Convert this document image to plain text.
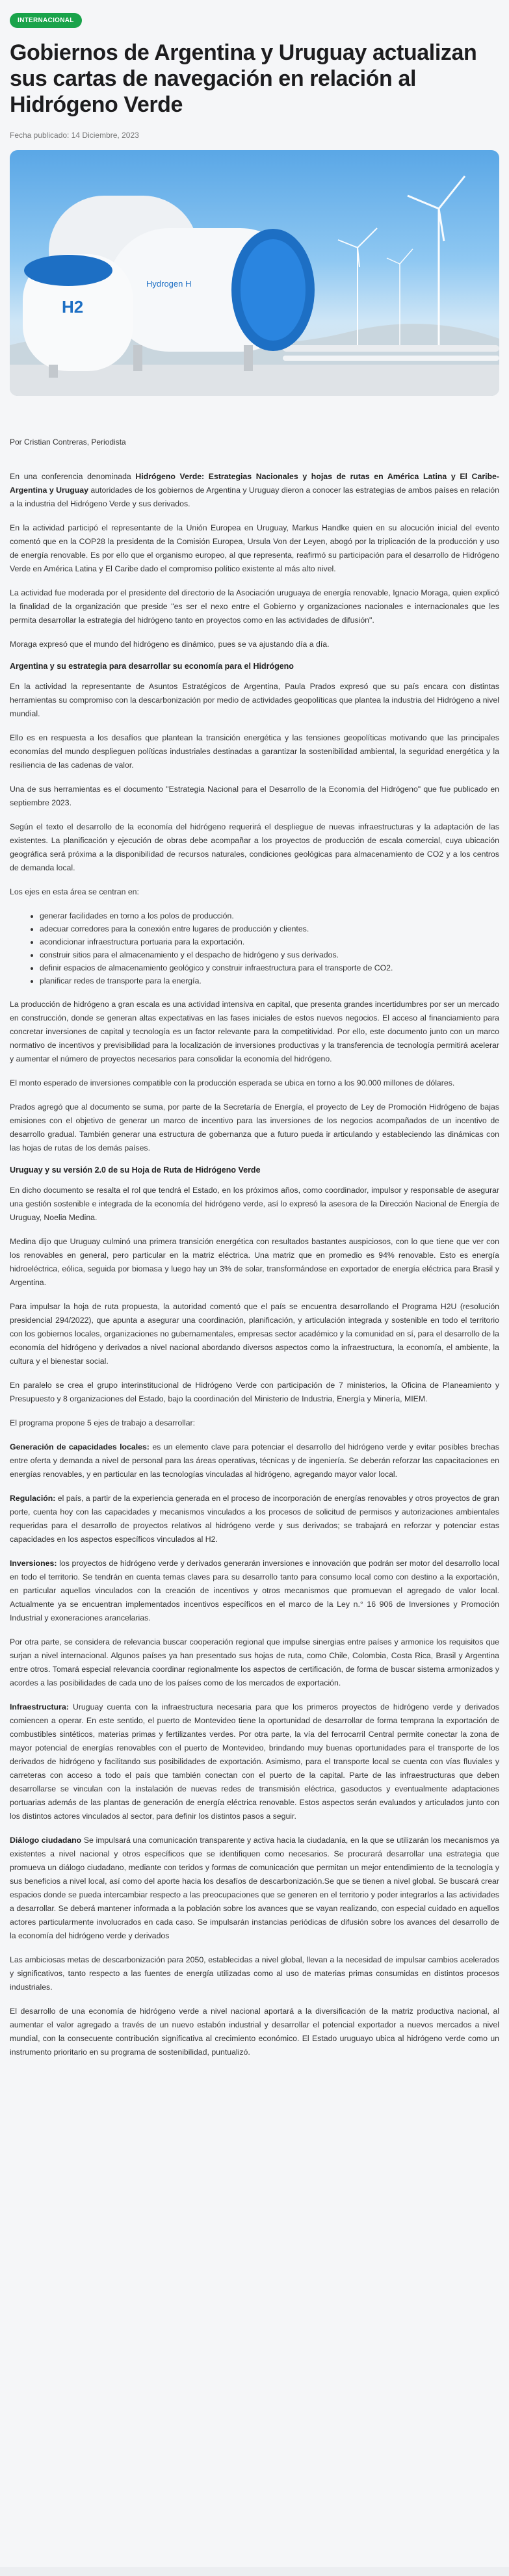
INTERNACIONAL
Gobiernos de Argentina y Uruguay actualizan sus cartas de navegación en relación al Hidrógeno Verde
Fecha publicado: 14 Diciembre, 2023
H2
Hydrogen H
Por Cristian Contreras, Periodista

En una conferencia denominada Hidrógeno Verde: Estrategias Nacionales y hojas de rutas en América Latina y El Caribe- Argentina y Uruguay autoridades de los gobiernos de Argentina y Uruguay dieron a conocer las estrategias de ambos países en relación a la industria del Hidrógeno Verde y sus derivados.

En la actividad participó el representante de la Unión Europea en Uruguay, Markus Handke quien en su alocución inicial del evento comentó que en la COP28 la presidenta de la Comisión Europea, Ursula Von der Leyen, abogó por la triplicación de la producción y uso de energía renovable. Es por ello que el organismo europeo, al que representa, reafirmó su participación para el desarrollo de Hidrógeno Verde en América Latina y El Caribe dado el compromiso político existente al más alto nivel.

La actividad fue moderada por el presidente del directorio de la Asociación uruguaya de energía renovable, Ignacio Moraga, quien explicó la finalidad de la organización que preside "es ser el nexo entre el Gobierno y organizaciones nacionales e internacionales que les permita desarrollar la estrategia del hidrógeno tanto en proyectos como en las actividades de difusión".

Moraga expresó que el mundo del hidrógeno es dinámico, pues se va ajustando día a día.

Argentina y su estrategia para desarrollar su economía para el Hidrógeno

En la actividad la representante de Asuntos Estratégicos de Argentina, Paula Prados expresó que su país encara con distintas herramientas su compromiso con la descarbonización por medio de actividades geopolíticas que plantea la industria del Hidrógeno a nivel mundial.

Ello es en respuesta a los desafíos que plantean la transición energética y las tensiones geopolíticas motivando que las principales economías del mundo desplieguen políticas industriales destinadas a garantizar la sostenibilidad ambiental, la seguridad energética y la resiliencia de las cadenas de valor.

Una de sus herramientas es el documento "Estrategia Nacional para el Desarrollo de la Economía del Hidrógeno" que fue publicado en septiembre 2023.

Según el texto el desarrollo de la economía del hidrógeno requerirá el despliegue de nuevas infraestructuras y la adaptación de las existentes. La planificación y ejecución de obras debe acompañar a los proyectos de producción de escala comercial, cuya ubicación geográfica será próxima a la disponibilidad de recursos naturales, condiciones geológicas para almacenamiento de CO2 y a los centros de demanda local.

Los ejes en esta área se centran en:

• generar facilidades en torno a los polos de producción.
• adecuar corredores para la conexión entre lugares de producción y clientes.
• acondicionar infraestructura portuaria para la exportación.
• construir sitios para el almacenamiento y el despacho de hidrógeno y sus derivados.
• definir espacios de almacenamiento geológico y construir infraestructura para el transporte de CO2.
• planificar redes de transporte para la energía.

La producción de hidrógeno a gran escala es una actividad intensiva en capital, que presenta grandes incertidumbres por ser un mercado en construcción, donde se generan altas expectativas en las fases iniciales de estos nuevos negocios. El acceso al financiamiento para concretar inversiones de capital y tecnología es un factor relevante para la competitividad. Por ello, este documento junto con un marco normativo de incentivos y previsibilidad para la localización de inversiones productivas y la transferencia de tecnología permitirá acelerar y aumentar el número de proyectos necesarios para consolidar la economía del hidrógeno.

El monto esperado de inversiones compatible con la producción esperada se ubica en torno a los 90.000 millones de dólares.

Prados agregó que al documento se suma, por parte de la Secretaría de Energía, el proyecto de Ley de Promoción Hidrógeno de bajas emisiones con el objetivo de generar un marco de incentivo para las inversiones de los negocios acompañados de un incentivo de desarrollo gradual. También generar una estructura de gobernanza que a futuro pueda ir articulando y estableciendo las dinámicas con las hojas de rutas de los demás países.

Uruguay y su versión 2.0 de su Hoja de Ruta de Hidrógeno Verde

En dicho documento se resalta el rol que tendrá el Estado, en los próximos años, como coordinador, impulsor y responsable de asegurar una gestión sostenible e integrada de la economía del hidrógeno verde, así lo expresó la asesora de la Dirección Nacional de Energía de Uruguay, Noelia Medina.

Medina dijo que Uruguay culminó una primera transición energética con resultados bastantes auspiciosos, con lo que tiene que ver con los renovables en general, pero particular en la matriz eléctrica. Una matriz que en promedio es 94% renovable. Esto es energía hidroeléctrica, eólica, seguida por biomasa y luego hay un 3% de solar, transformándose en exportador de energía eléctrica para Brasil y Argentina.

Para impulsar la hoja de ruta propuesta, la autoridad comentó que el país se encuentra desarrollando el Programa H2U (resolución presidencial 294/2022), que apunta a asegurar una coordinación, planificación, y articulación integrada y sostenible en todo el territorio con los gobiernos locales, organizaciones no gubernamentales, empresas sector académico y la comunidad en sí, para el desarrollo de la economía del hidrógeno y derivados a nivel nacional abordando diversos aspectos como la infraestructura, la economía, el ambiente, la cultura y el bienestar social.

En paralelo se crea el grupo interinstitucional de Hidrógeno Verde con participación de 7 ministerios, la Oficina de Planeamiento y Presupuesto y 8 organizaciones del Estado, bajo la coordinación del Ministerio de Industria, Energía y Minería, MIEM.

El programa propone 5 ejes de trabajo a desarrollar:

Generación de capacidades locales: es un elemento clave para potenciar el desarrollo del hidrógeno verde y evitar posibles brechas entre oferta y demanda a nivel de personal para las áreas operativas, técnicas y de ingeniería. Se deberán reforzar las capacitaciones en energías renovables, y en particular en las tecnologías vinculadas al hidrógeno, agregando mayor valor local.

Regulación: el país, a partir de la experiencia generada en el proceso de incorporación de energías renovables y otros proyectos de gran porte, cuenta hoy con las capacidades y mecanismos vinculados a los procesos de solicitud de permisos y autorizaciones ambientales requeridas para el desarrollo de proyectos relativos al hidrógeno verde y sus derivados; se trabajará en reforzar y potenciar estas capacidades en los aspectos específicos vinculados al H2.

Inversiones: los proyectos de hidrógeno verde y derivados generarán inversiones e innovación que podrán ser motor del desarrollo local en todo el territorio. Se tendrán en cuenta temas claves para su desarrollo tanto para consumo local como con destino a la exportación, en particular aquellos vinculados con la creación de incentivos y otros mecanismos que promuevan el agregado de valor local. Actualmente ya se encuentran implementados incentivos específicos en el marco de la Ley n.° 16 906 de Inversiones y Promoción Industrial y exoneraciones arancelarias.

Por otra parte, se considera de relevancia buscar cooperación regional que impulse sinergias entre países y armonice los requisitos que surjan a nivel internacional. Algunos países ya han presentado sus hojas de ruta, como Chile, Colombia, Costa Rica, Brasil y Argentina entre otros. Tomará especial relevancia coordinar regionalmente los aspectos de certificación, de forma de buscar sistema armonizados y acordes a las posibilidades de cada uno de los países como de los mercados de exportación.

Infraestructura: Uruguay cuenta con la infraestructura necesaria para que los primeros proyectos de hidrógeno verde y derivados comiencen a operar. En este sentido, el puerto de Montevideo tiene la oportunidad de desarrollar de forma temprana la exportación de combustibles sintéticos, materias primas y fertilizantes verdes. Por otra parte, la vía del ferrocarril Central permite conectar la zona de mayor potencial de energías renovables con el puerto de Montevideo, brindando muy buenas oportunidades para el transporte de los derivados de hidrógeno y facilitando sus posibilidades de exportación. Asimismo, para el transporte local se cuenta con vías fluviales y carreteras con acceso a todo el país que también conectan con el puerto de la capital. Parte de las infraestructuras que deben desarrollarse se vinculan con la instalación de nuevas redes de transmisión eléctrica, gasoductos y eventualmente adaptaciones portuarias además de las plantas de generación de energía eléctrica renovable. Estos aspectos serán evaluados y articulados junto con los distintos actores vinculados al sector, para definir los distintos pasos a seguir.

Diálogo ciudadano Se impulsará una comunicación transparente y activa hacia la ciudadanía, en la que se utilizarán los mecanismos ya existentes a nivel nacional y otros específicos que se identifiquen como necesarios. Se procurará desarrollar una estrategia que promueva un diálogo ciudadano, mediante con teridos y formas de comunicación que permitan un mejor entendimiento de la tecnología y sus beneficios a nivel local, así como del aporte hacia los desafíos de descarbonización.Se que se tienen a nivel global. Se buscará crear espacios donde se pueda intercambiar respecto a las preocupaciones que se generen en el territorio y poder integrarlos a las actividades a desarrollar. Se deberá mantener informada a la población sobre los avances que se vayan realizando, con especial cuidado en aquellos actores particularmente involucrados en cada caso. Se impulsarán instancias periódicas de difusión sobre los avances del desarrollo de la economía del hidrógeno verde y derivados

Las ambiciosas metas de descarbonización para 2050, establecidas a nivel global, llevan a la necesidad de impulsar cambios acelerados y significativos, tanto respecto a las fuentes de energía utilizadas como al uso de materias primas consumidas en distintos procesos industriales.

El desarrollo de una economía de hidrógeno verde a nivel nacional aportará a la diversificación de la matriz productiva nacional, al aumentar el valor agregado a través de un nuevo estabón industrial y desarrollar el potencial exportador a nuevos mercados a nivel mundial, con la consecuente contribución significativa al crecimiento económico. El Estado uruguayo ubica al hidrógeno verde como un instrumento prioritario en su programa de sostenibilidad, puntualizó.
